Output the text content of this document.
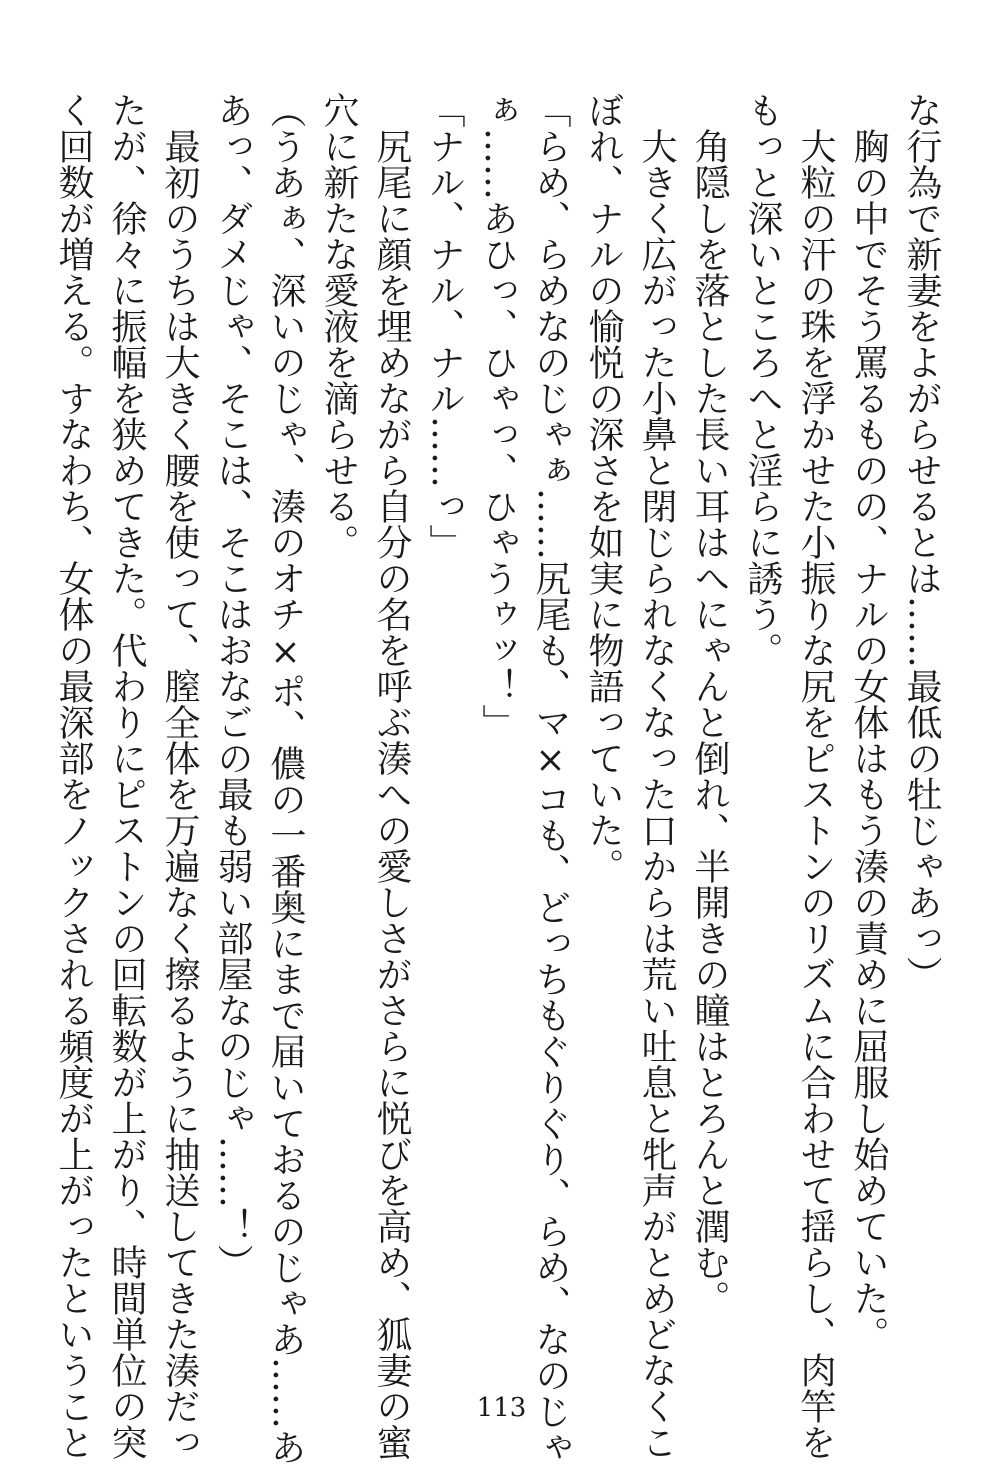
な行為で新妻をよがらせるとは……最低の牡じゃあっ）
　胸の中でそう罵るものの、ナルの女体はもう湊の責めに屈服し始めていた。
　大粒の汗の珠を浮かせた小振りな尻をピストンのリズムに合わせて揺らし、肉竿を
もっと深いところへと淫らに誘う。
　角隠しを落とした長い耳はへにゃんと倒れ、半開きの瞳はとろんと潤む。
　大きく広がった小鼻と閉じられなくなった口からは荒い吐息と牝声がとめどなくこ
ぼれ、ナルの愉悦の深さを如実に物語っていた。
「らめ、らめなのじゃぁ……尻尾も、マ×コも、どっちもぐりぐり、らめ、なのじゃ
ぁ……あひっ、ひゃっ、ひゃうゥッ！」
「ナル、ナル、ナル……っ」
　尻尾に顔を埋めながら自分の名を呼ぶ湊への愛しさがさらに悦びを高め、狐妻の蜜
穴に新たな愛液を滴らせる。
（うあぁ、深いのじゃ、湊のオチ×ポ、儂の一番奥にまで届いておるのじゃあ……あ
あっ、ダメじゃ、そこは、そこはおなごの最も弱い部屋なのじゃ……！）
　最初のうちは大きく腰を使って、膣全体を万遍なく擦るように抽送してきた湊だっ
たが、徐々に振幅を狭めてきた。代わりにピストンの回転数が上がり、時間単位の突
く回数が増える。すなわち、女体の最深部をノックされる頻度が上がったということ	113
